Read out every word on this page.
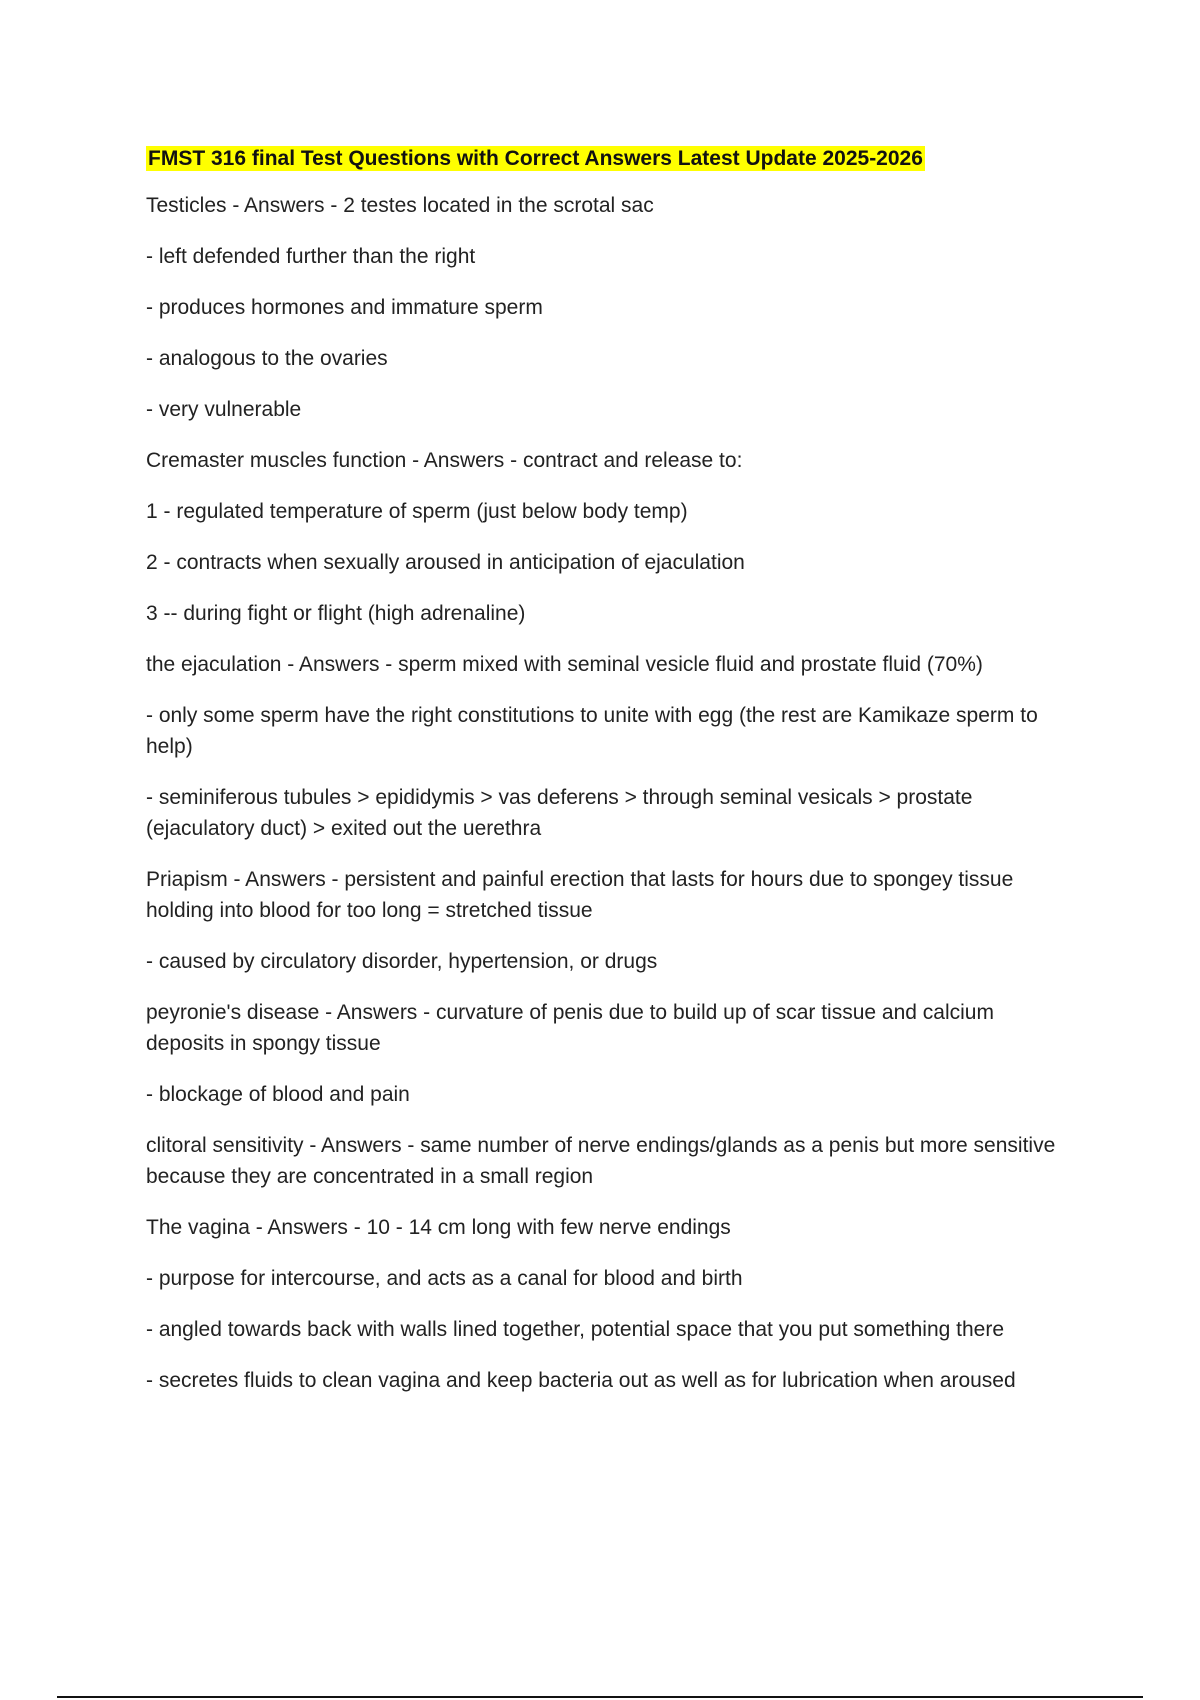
FMST 316 final Test Questions with Correct Answers Latest Update 2025-2026

Testicles - Answers - 2 testes located in the scrotal sac

- left defended further than the right

- produces hormones and immature sperm

- analogous to the ovaries

- very vulnerable

Cremaster muscles function - Answers - contract and release to:

1 - regulated temperature of sperm (just below body temp)

2 - contracts when sexually aroused in anticipation of ejaculation

3 -- during fight or flight (high adrenaline)

the ejaculation - Answers - sperm mixed with seminal vesicle fluid and prostate fluid (70%)

- only some sperm have the right constitutions to unite with egg (the rest are Kamikaze sperm to help)

- seminiferous tubules > epididymis > vas deferens > through seminal vesicals > prostate (ejaculatory duct) > exited out the uerethra

Priapism - Answers - persistent and painful erection that lasts for hours due to spongey tissue holding into blood for too long = stretched tissue

- caused by circulatory disorder, hypertension, or drugs

peyronie's disease - Answers - curvature of penis due to build up of scar tissue and calcium deposits in spongy tissue

- blockage of blood and pain

clitoral sensitivity - Answers - same number of nerve endings/glands as a penis but more sensitive because they are concentrated in a small region

The vagina - Answers - 10 - 14 cm long with few nerve endings

- purpose for intercourse, and acts as a canal for blood and birth

- angled towards back with walls lined together, potential space that you put something there

- secretes fluids to clean vagina and keep bacteria out as well as for lubrication when aroused
